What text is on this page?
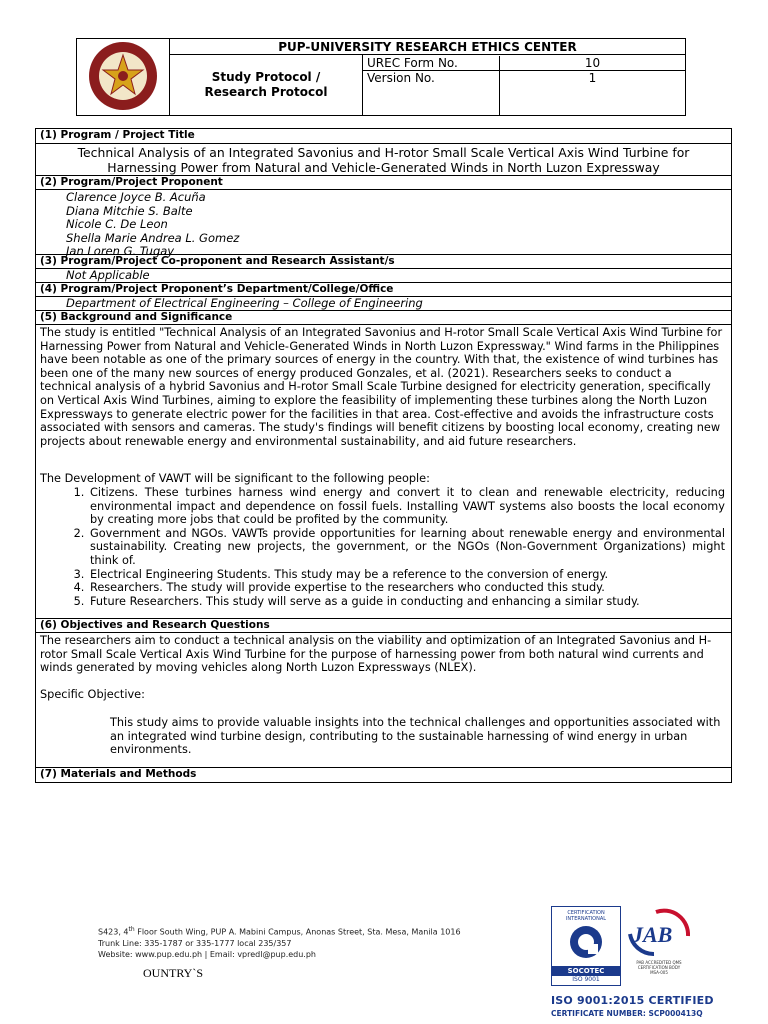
	PUP-UNIVERSITY RESEARCH ETHICS CENTER
Study Protocol /
Research Protocol	
UREC Form No.	10

Version No.	1
(1) Program / Project Title
Technical Analysis of an Integrated Savonius and H-rotor Small Scale Vertical Axis Wind Turbine for
Harnessing Power from Natural and Vehicle-Generated Winds in North Luzon Expressway
(2) Program/Project Proponent
Clarence Joyce B. Acuña
Diana Mitchie S. Balte
Nicole C. De Leon
Shella Marie Andrea L. Gomez
Jan Loren G. Tugay
(3) Program/Project Co-proponent and Research Assistant/s
Not Applicable
(4) Program/Project Proponent’s Department/College/Office
Department of Electrical Engineering – College of Engineering
(5) Background and Significance
The study is entitled "Technical Analysis of an Integrated Savonius and H-rotor Small Scale Vertical Axis Wind Turbine for Harnessing Power from Natural and Vehicle-Generated Winds in North Luzon Expressway." Wind farms in the Philippines have been notable as one of the primary sources of energy in the country. With that, the existence of wind turbines has been one of the many new sources of energy produced Gonzales, et al. (2021). Researchers seeks to conduct a technical analysis of a hybrid Savonius and H-rotor Small Scale Turbine designed for electricity generation, specifically on Vertical Axis Wind Turbines, aiming to explore the feasibility of implementing these turbines along the North Luzon Expressways to generate electric power for the facilities in that area. Cost-effective and avoids the infrastructure costs associated with sensors and cameras. The study's findings will benefit citizens by boosting local economy, creating new projects about renewable energy and environmental sustainability, and aid future researchers.
The Development of VAWT will be significant to the following people:
1. Citizens. These turbines harness wind energy and convert it to clean and renewable electricity, reducing environmental impact and dependence on fossil fuels. Installing VAWT systems also boosts the local economy by creating more jobs that could be profited by the community.
2. Government and NGOs. VAWTs provide opportunities for learning about renewable energy and environmental sustainability. Creating new projects, the government, or the NGOs (Non-Government Organizations) might think of.
3. Electrical Engineering Students. This study may be a reference to the conversion of energy.
4. Researchers. The study will provide expertise to the researchers who conducted this study.
5. Future Researchers. This study will serve as a guide in conducting and enhancing a similar study.
(6) Objectives and Research Questions
The researchers aim to conduct a technical analysis on the viability and optimization of an Integrated Savonius and H-rotor Small Scale Vertical Axis Wind Turbine for the purpose of harnessing power from both natural wind currents and winds generated by moving vehicles along North Luzon Expressways (NLEX).
Specific Objective:
This study aims to provide valuable insights into the technical challenges and opportunities associated with an integrated wind turbine design, contributing to the sustainable harnessing of wind energy in urban environments.
(7) Materials and Methods
S423, 4th Floor South Wing, PUP A. Mabini Campus, Anonas Street, Sta. Mesa, Manila 1016
Trunk Line: 335-1787 or 335-1777 local 235/357
Website: www.pup.edu.ph | Email: vpredl@pup.edu.ph
OUNTRY`S
CERTIFICATION INTERNATIONAL
SOCOTEC
ISO 9001
JAB
PAB ACCREDITED QMS
CERTIFICATION BODY
MSA-005
ISO 9001:2015 CERTIFIED
CERTIFICATE NUMBER: SCP000413Q
